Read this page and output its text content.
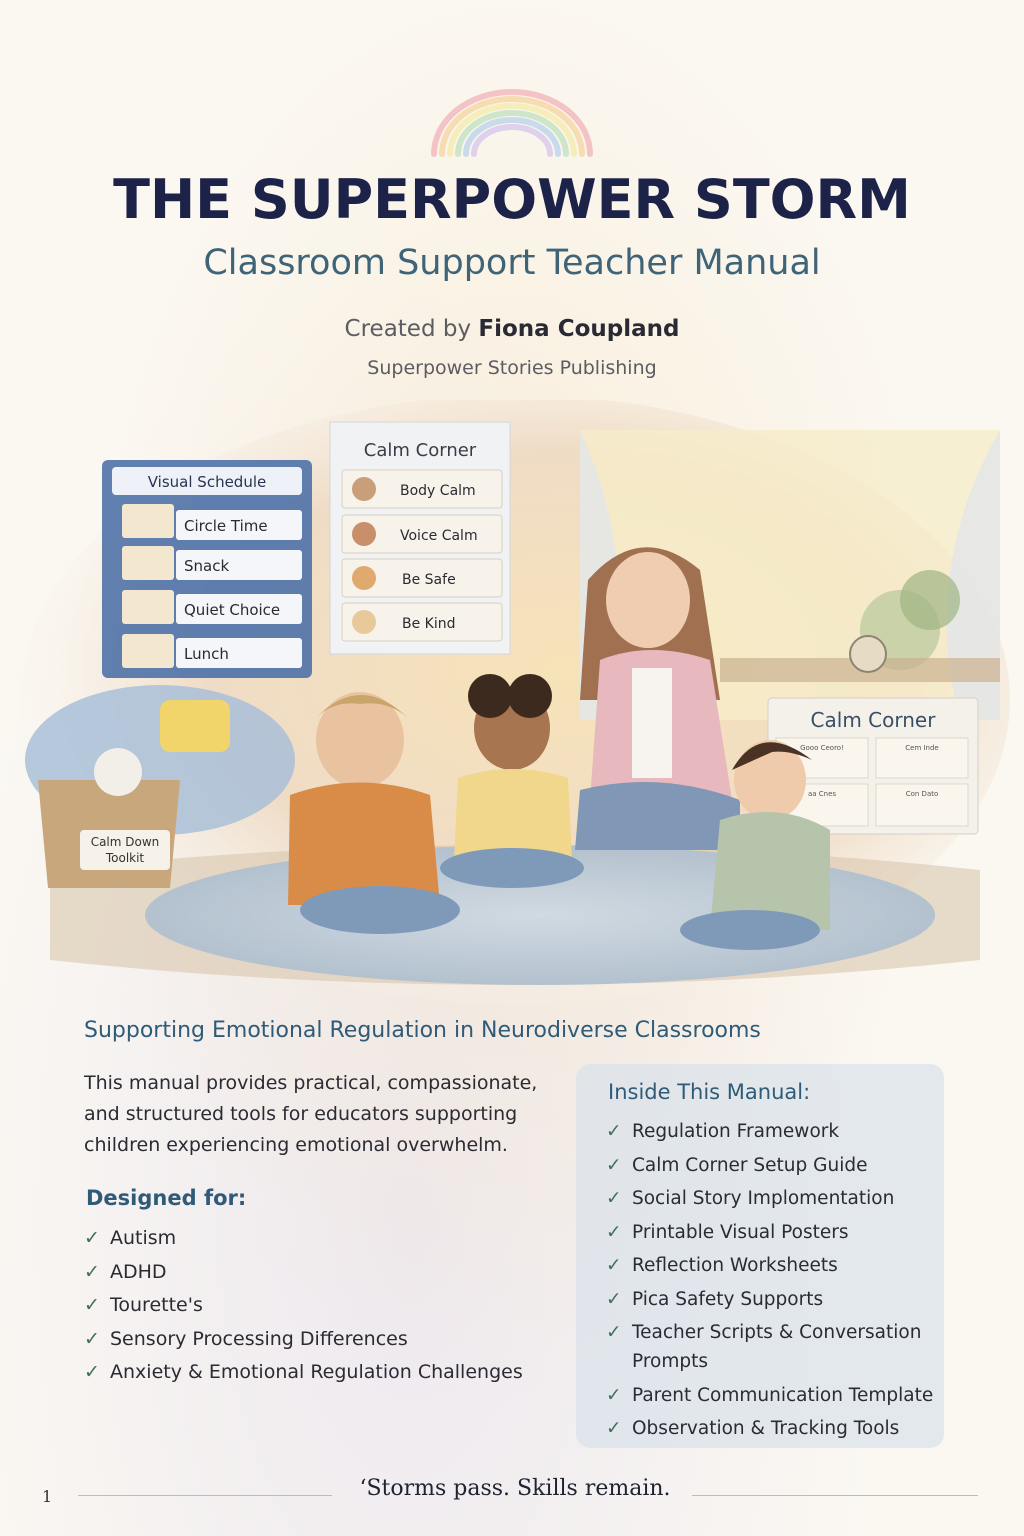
THE SUPERPOWER STORM
Classroom Support Teacher Manual
Created by Fiona Coupland
Superpower Stories Publishing
Visual Schedule
Circle Time
Snack
Quiet Choice
Lunch
Calm Corner
Body Calm
Voice Calm
Be Safe
Be Kind
Calm Corner
Gooo Ceoro!	Cem Inde
aa Cnes	Con Dato
Calm Down
Toolkit
Supporting Emotional Regulation in Neurodiverse Classrooms
This manual provides practical, compassionate, and structured tools for educators supporting children experiencing emotional overwhelm.
Designed for:
✓ Autism
✓ ADHD
✓ Tourette's
✓ Sensory Processing Differences
✓ Anxiety & Emotional Regulation Challenges
Inside This Manual:
✓ Regulation Framework
✓ Calm Corner Setup Guide
✓ Social Story Implomentation
✓ Printable Visual Posters
✓ Reflection Worksheets
✓ Pica Safety Supports
✓ Teacher Scripts & Conversation Prompts
✓ Parent Communication Template
✓ Observation & Tracking Tools
1	‘Storms pass. Skills remain.
